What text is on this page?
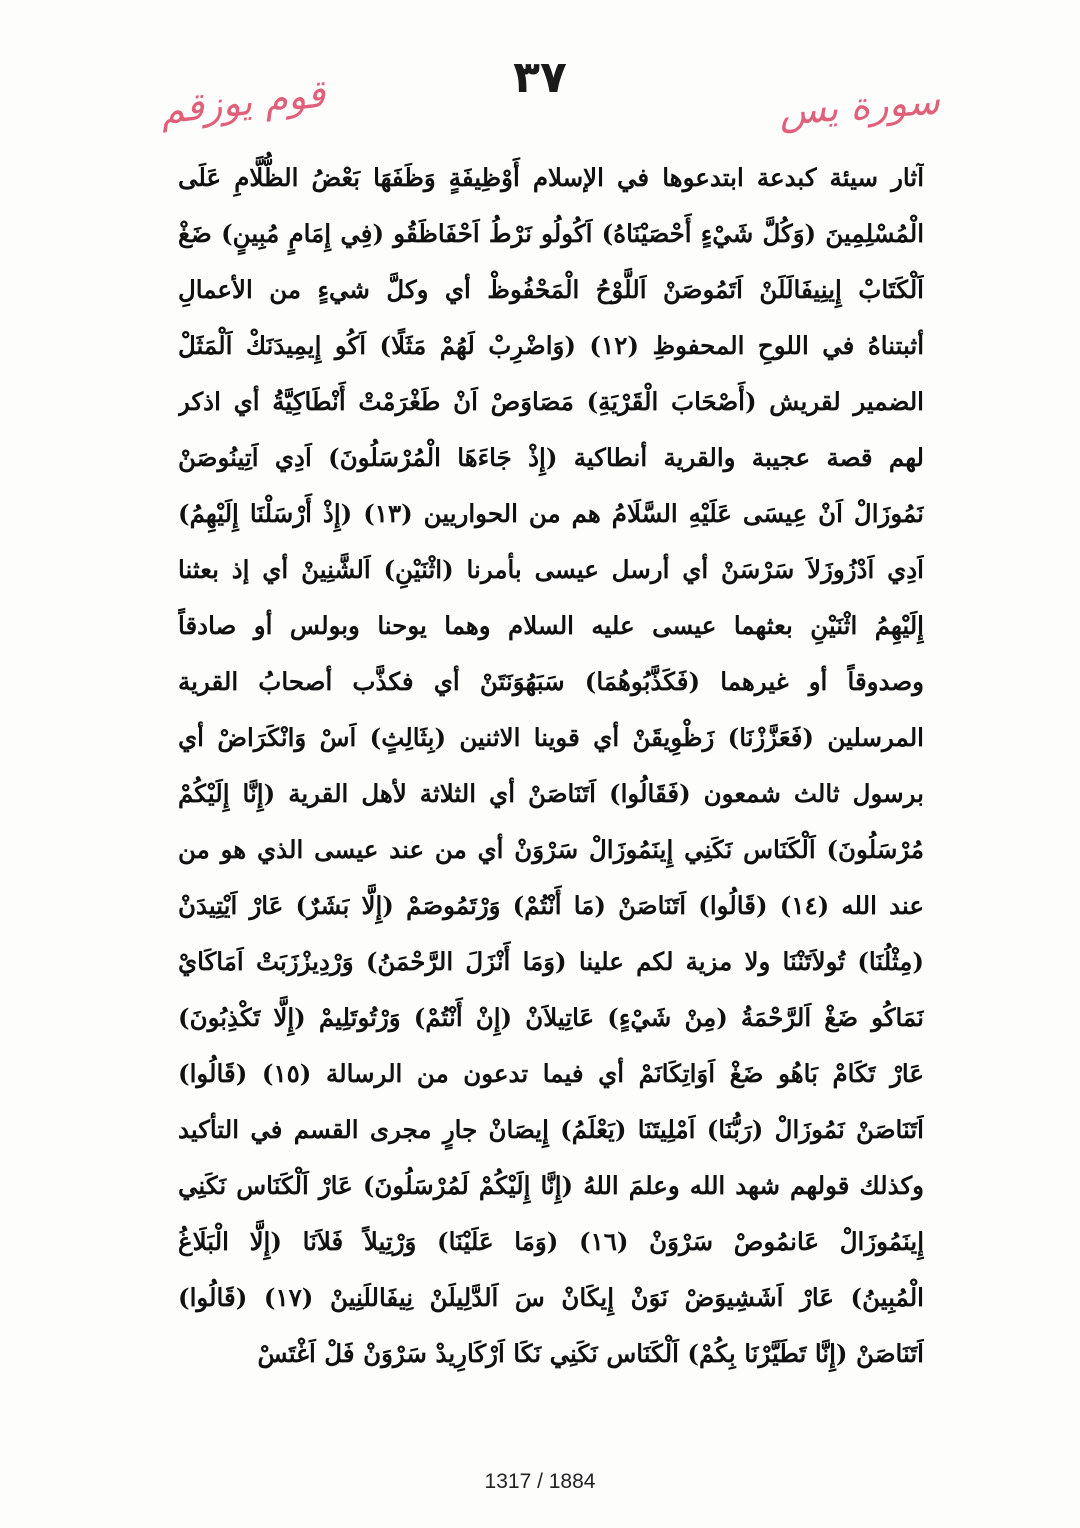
٣٧
سورة يس
قوم يوزقم
آثار سيئة كبدعة ابتدعوها في الإسلام أَوْظِيفَةٍ وَظَفَهَا بَعْضُ الظُّلَّامِ عَلَى
الْمُسْلِمِينَ (وَكُلَّ شَيْءٍ أَحْصَيْنَاهُ) اَكُولُو نَرْطُ اَحْفَاظَقُو (فِي إِمَامٍ مُبِينٍ) ضَغْ
اَلْكَتَابْ إِينِيفَالَلَنْ اَتَمُوصَنْ اَللَّوْحُ الْمَحْفُوظْ أي وكلَّ شيءٍ من الأعمالِ
أثبتناهُ في اللوحِ المحفوظِ (١٢) (وَاضْرِبْ لَهُمْ مَثَلًا) اَكُو إِيمِيدَنَكْ اَلْمَثَلْ
الضمير لقريش (أَصْحَابَ الْقَرْيَةِ) مَصَاوَصْ اَنْ طَغْرَمْتْ أَنْطَاكِيَّةُ أي اذكر
لهم قصة عجيبة والقرية أنطاكية (إِذْ جَاءَهَا الْمُرْسَلُونَ) اَدِي اَتِينُوصَنْ
نَمُوزَالْ اَنْ عِيسَى عَلَيْهِ السَّلَامُ هم من الحواريين (١٣) (إِذْ أَرْسَلْنَا إِلَيْهِمُ)
اَدِي اَدْزُوزَلاَ سَرْسَنْ أي أرسل عيسى بأمرنا (اثْنَيْنِ) اَلشَّنِينْ أي إذ بعثنا
إِلَيْهِمُ اثْنَيْنِ بعثهما عيسى عليه السلام وهما يوحنا وبولس أو صادقاً
وصدوقاً أو غيرهما (فَكَذَّبُوهُمَا) سَبَهُوَنَتَنْ أي فكذَّب أصحابُ القرية
المرسلين (فَعَزَّزْنَا) زَظْوِيقَنْ أي قوينا الاثنين (بِثَالِثٍ) اَسْ وَانْكَرَاضْ أي
برسول ثالث شمعون (فَقَالُوا) اَتَنَاصَنْ أي الثلاثة لأهل القرية (إِنَّا إِلَيْكُمْ
مُرْسَلُونَ) اَلْكَنَاس نَكَنِي إِينَمُوزَالْ سَرْوَنْ أي من عند عيسى الذي هو من
عند الله (١٤) (قَالُوا) اَتَنَاصَنْ (مَا أَنْتُمْ) وَرْتَمُوصَمْ (إِلَّا بَشَرٌ) عَارْ اَيْتِيدَنْ
(مِثْلُنَا) تُولاَتَنْنَا ولا مزية لكم علينا (وَمَا أَنْزَلَ الرَّحْمَنُ) وَرْدِيزْزَبَتْ اَمَاكَايْ
نَمَاكُو ضَغْ اَلرَّحْمَةُ (مِنْ شَيْءٍ) عَاتِيلاَنْ (إِنْ أَنْتُمْ) وَرْتُوتَلِيمْ (إِلَّا تَكْذِبُونَ)
عَارْ تَكَامْ بَاهُو ضَغْ اَوَاتِكَانَمْ أي فيما تدعون من الرسالة (١٥) (قَالُوا)
اَتَنَاصَنْ نَمُوزَالْ (رَبُّنَا) اَمْلِيتَنَا (يَعْلَمُ) إِيصَانْ جارٍ مجرى القسم في التأكيد
وكذلك قولهم شهد الله وعلمَ اللهُ (إِنَّا إِلَيْكُمْ لَمُرْسَلُونَ) عَارْ اَلْكَنَاس نَكَنِي
إِينَمُوزَالْ عَانمُوصْ سَرْوَنْ (١٦) (وَمَا عَلَيْنَا) وَرْتِيلاً فَلاَنَا (إِلَّا الْبَلَاغُ
الْمُبِينُ) عَارْ اَشَشِيوَضْ نَوَنْ إِيكَانْ سَ اَلدَّلِيلَنْ نِيفَاللَنِينْ (١٧) (قَالُوا)
اَتَنَاصَنْ (إِنَّا تَطَيَّرْنَا بِكُمْ) اَلْكَنَاس نَكَنِي نَكَا اَرْكَارِيدْ سَرْوَنْ فَلْ اَغْتَسْ
1317 / 1884
